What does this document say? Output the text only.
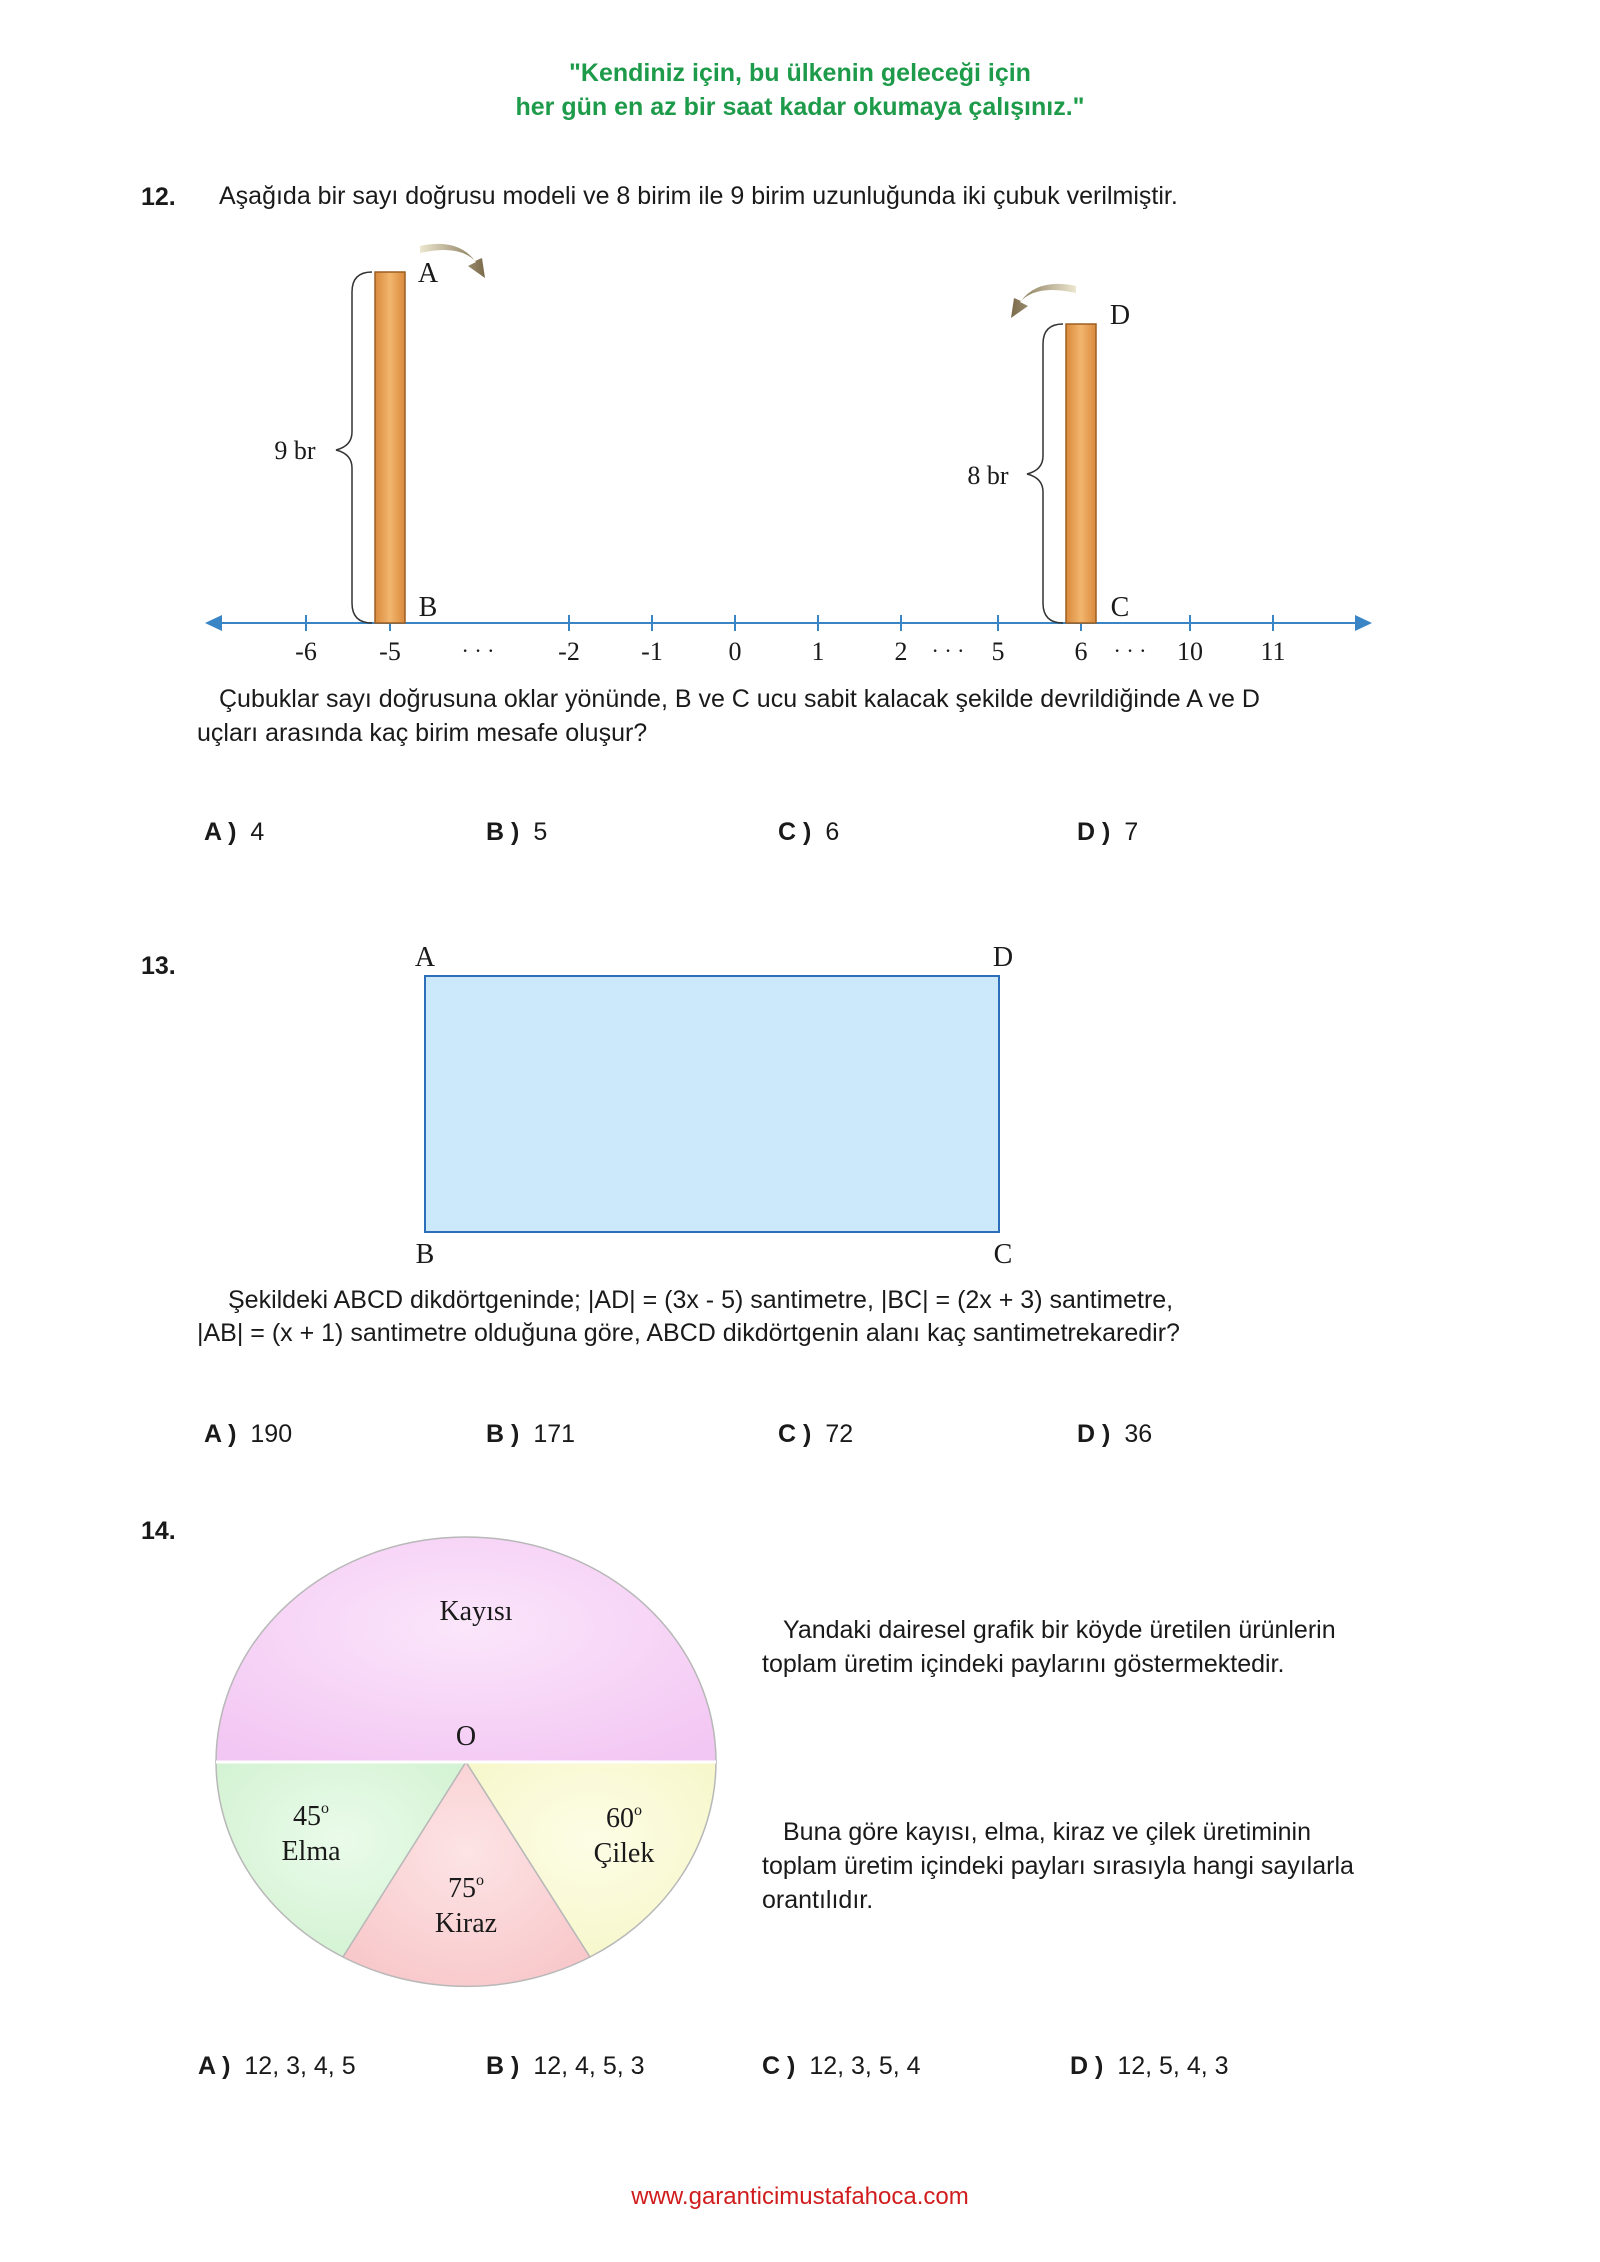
"Kendiniz için, bu ülkenin geleceği için
her gün en az bir saat kadar okumaya çalışınız."
12. Aşağıda bir sayı doğrusu modeli ve 8 birim ile 9 birim uzunluğunda iki çubuk verilmiştir.
-6 -5	· · · -2 -1	0	1	2 · · · 5	6 · · · 10 11
9 br
A
B
8 br
D
C
Çubuklar sayı doğrusuna oklar yönünde, B ve C ucu sabit kalacak şekilde devrildiğinde A ve D
uçları arasında kaç birim mesafe oluşur?
A ) 4	B ) 5	C ) 6	D ) 7
13.	A	D
B	C
Şekildeki ABCD dikdörtgeninde; |AD| = (3x - 5) santimetre, |BC| = (2x + 3) santimetre,
|AB| = (x + 1) santimetre olduğuna göre, ABCD dikdörtgenin alanı kaç santimetrekaredir?
A ) 190	B ) 171	C ) 72	D ) 36
14.
O
Kayısı
45$^o$
Elma
75$^o$
Kiraz
60$^o$
Çilek
Yandaki dairesel grafik bir köyde üretilen ürünlerin
toplam üretim içindeki paylarını göstermektedir.
Buna göre kayısı, elma, kiraz ve çilek üretiminin
toplam üretim içindeki payları sırasıyla hangi sayılarla
orantılıdır.
A ) 12, 3, 4, 5	B ) 12, 4, 5, 3	C ) 12, 3, 5, 4	D ) 12, 5, 4, 3
www.garanticimustafahoca.com
